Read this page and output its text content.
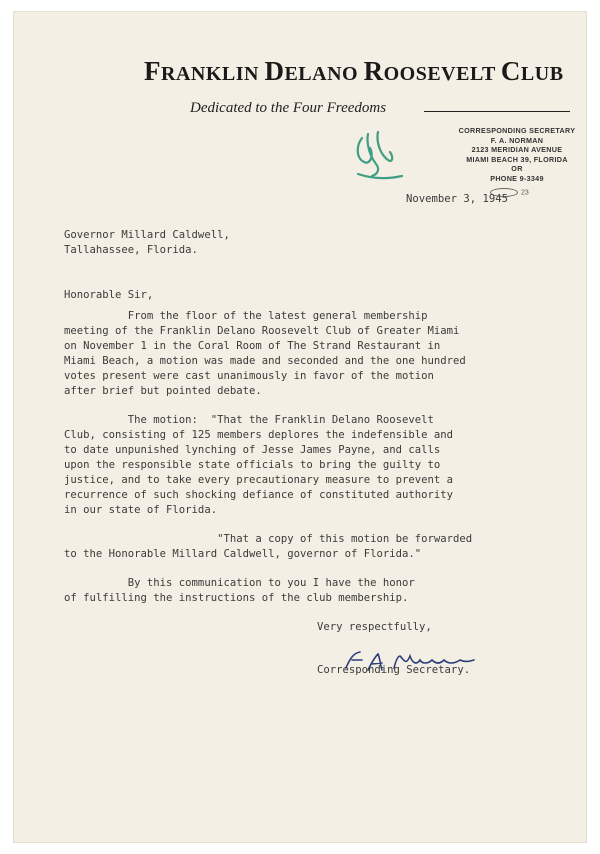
FRANKLIN DELANO ROOSEVELT CLUB
Dedicated to the Four Freedoms
CORRESPONDING SECRETARY
F. A. NORMAN
2123 MERIDIAN AVENUE
MIAMI BEACH 39, FLORIDA
OR
PHONE 9-3349
23
November 3, 1945
Governor Millard Caldwell,
Tallahassee, Florida.
Honorable Sir,
From the floor of the latest general membership
meeting of the Franklin Delano Roosevelt Club of Greater Miami
on November 1 in the Coral Room of The Strand Restaurant in
Miami Beach, a motion was made and seconded and the one hundred
votes present were cast unanimously in favor of the motion
after brief but pointed debate.
The motion:  "That the Franklin Delano Roosevelt
Club, consisting of 125 members deplores the indefensible and
to date unpunished lynching of Jesse James Payne, and calls
upon the responsible state officials to bring the guilty to
justice, and to take every precautionary measure to prevent a
recurrence of such shocking defiance of constituted authority
in our state of Florida.
"That a copy of this motion be forwarded
to the Honorable Millard Caldwell, governor of Florida."
By this communication to you I have the honor
of fulfilling the instructions of the club membership.
Very respectfully,
Corresponding Secretary.
